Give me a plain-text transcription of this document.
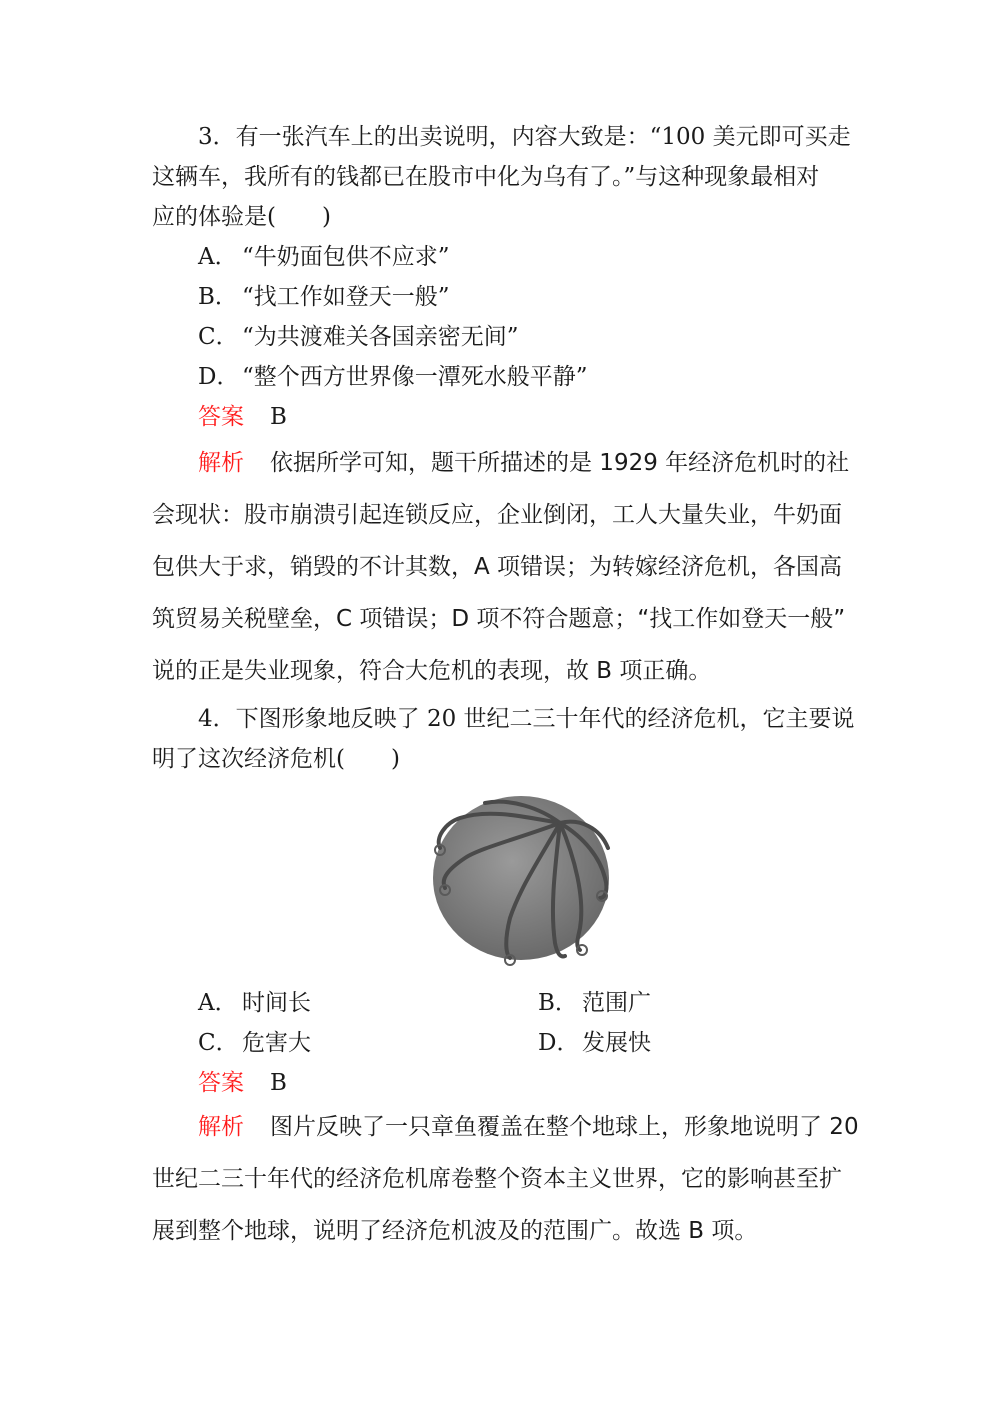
3．有一张汽车上的出卖说明，内容大致是：“100 美元即可买走
这辆车，我所有的钱都已在股市中化为乌有了。”与这种现象最相对
应的体验是(　　)
A． “牛奶面包供不应求”
B． “找工作如登天一般”
C． “为共渡难关各国亲密无间”
D． “整个西方世界像一潭死水般平静”
答案 B
解析 依据所学可知，题干所描述的是 1929 年经济危机时的社
会现状：股市崩溃引起连锁反应，企业倒闭，工人大量失业，牛奶面
包供大于求，销毁的不计其数，A 项错误；为转嫁经济危机，各国高
筑贸易关税壁垒，C 项错误；D 项不符合题意；“找工作如登天一般”
说的正是失业现象，符合大危机的表现，故 B 项正确。
4．下图形象地反映了 20 世纪二三十年代的经济危机，它主要说
明了这次经济危机(　　)
A． 时间长	B． 范围广
C． 危害大	D． 发展快
答案 B
解析 图片反映了一只章鱼覆盖在整个地球上，形象地说明了 20
世纪二三十年代的经济危机席卷整个资本主义世界，它的影响甚至扩
展到整个地球，说明了经济危机波及的范围广。故选 B 项。
